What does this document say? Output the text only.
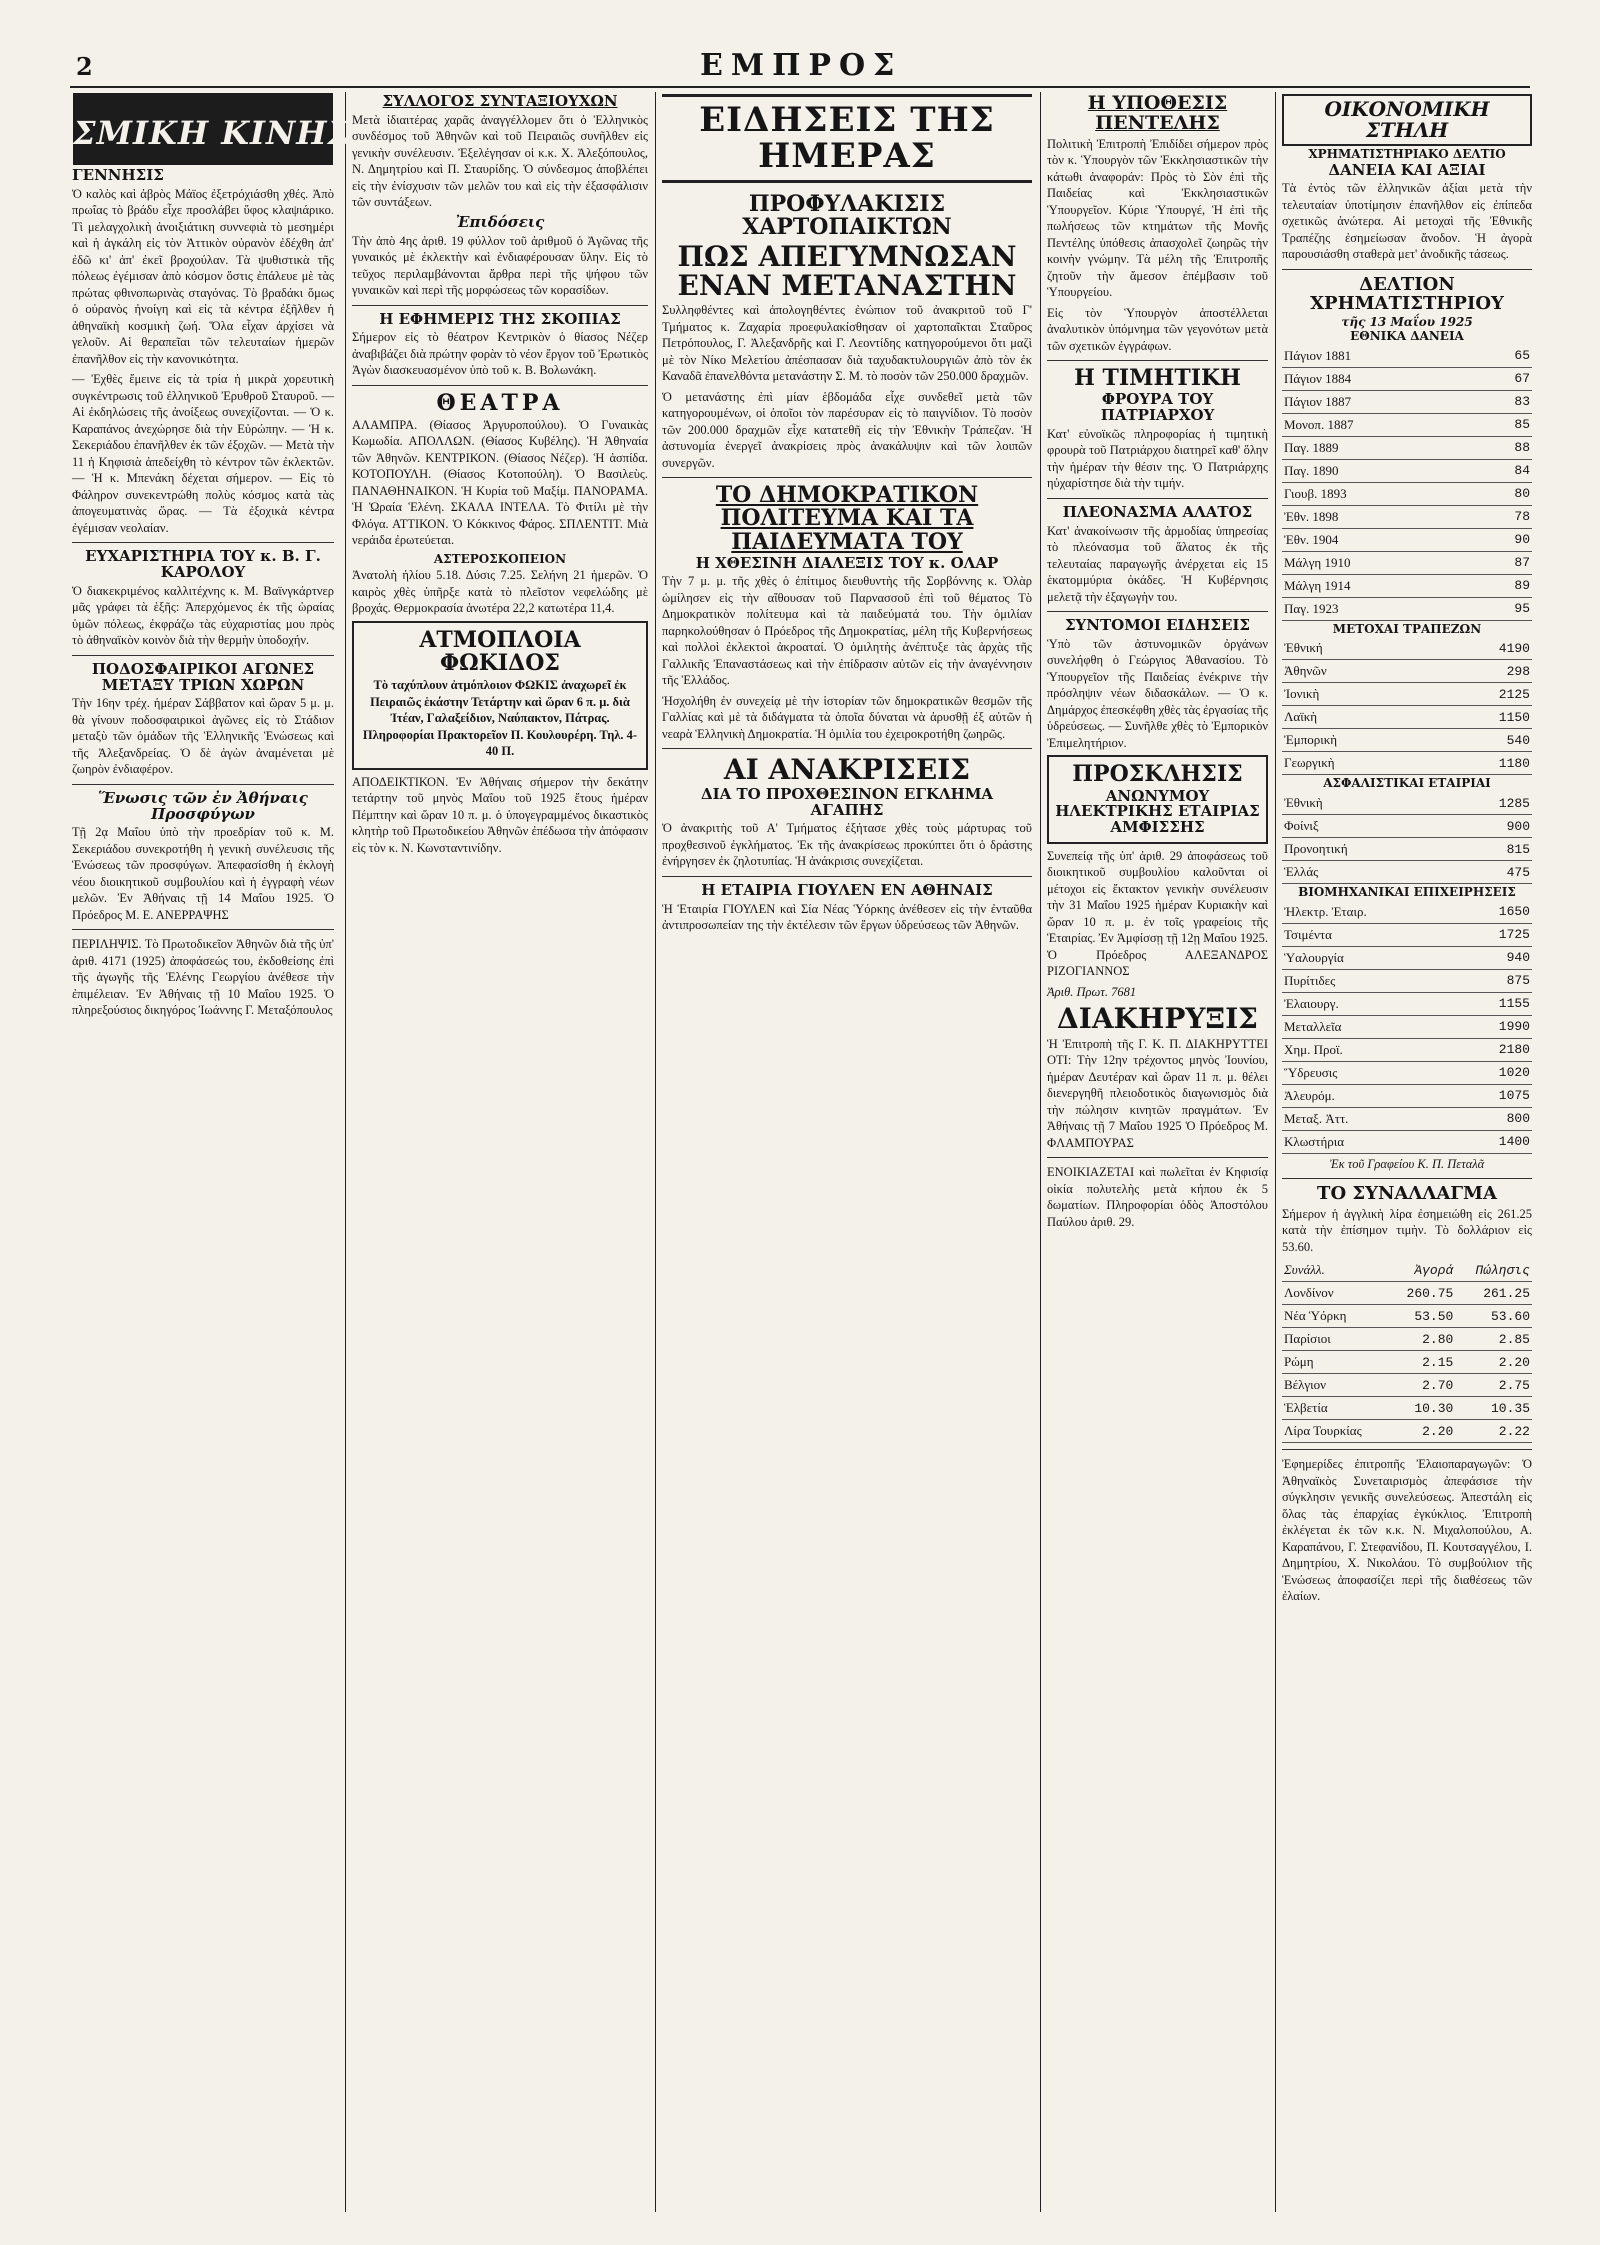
2	ΕΜΠΡΟΣ
ΚΟΣΜΙΚΗ ΚΙΝΗΣΙΣ
ΓΕΝΝΗΣΙΣ

Ὁ καλὸς καὶ ἀβρὸς Μάϊος ἐξετρόχιάσθη χθές. Ἀπὸ πρωΐας τὸ βράδυ εἶχε προσλάβει ὕφος κλαψιάρικο. Τὶ μελαγχολικὴ ἀνοιξιάτικη συννεφιὰ τὸ μεσημέρι καὶ ἡ ἀγκάλη εἰς τὸν Ἀττικὸν οὐρανὸν ἐδέχθη ἀπ' ἐδῶ κι' ἀπ' ἐκεῖ βροχούλαν. Τὰ ψυθιστικὰ τῆς πόλεως ἐγέμισαν ἀπὸ κόσμον ὅστις ἐπάλευε μὲ τὰς πρώτας φθινοπωρινὰς σταγόνας. Τὸ βραδάκι ὅμως ὁ οὐρανὸς ἠνοίγη καὶ εἰς τὰ κέντρα ἐξῆλθεν ἡ ἀθηναϊκὴ κοσμικὴ ζωή. Ὅλα εἶχαν ἀρχίσει νὰ γελοῦν. Αἱ θεραπεῖαι τῶν τελευταίων ἡμερῶν ἐπανῆλθον εἰς τὴν κανονικότητα.

— Ἐχθὲς ἔμεινε εἰς τὰ τρία ἡ μικρὰ χορευτικὴ συγκέντρωσις τοῦ ἐλληνικοῦ Ἐρυθροῦ Σταυροῦ. — Αἱ ἐκδηλώσεις τῆς ἀνοίξεως συνεχίζονται. — Ὁ κ. Καραπάνος ἀνεχώρησε διὰ τὴν Εὐρώπην. — Ἡ κ. Σεκεριάδου ἐπανῆλθεν ἐκ τῶν ἐξοχῶν. — Μετὰ τὴν 11 ἡ Κηφισιὰ ἀπεδείχθη τὸ κέντρον τῶν ἐκλεκτῶν. — Ἡ κ. Μπενάκη δέχεται σήμερον. — Εἰς τὸ Φάληρον συνεκεντρώθη πολὺς κόσμος κατὰ τὰς ἀπογευματινὰς ὥρας. — Τὰ ἐξοχικὰ κέντρα ἐγέμισαν νεολαίαν.

ΕΥΧΑΡΙΣΤΗΡΙΑ ΤΟΥ κ. Β. Γ. ΚΑΡΟΛΟΥ

Ὁ διακεκριμένος καλλιτέχνης κ. Μ. Βαϊνγκάρτνερ μᾶς γράφει τὰ ἑξῆς: Ἀπερχόμενος ἐκ τῆς ὡραίας ὑμῶν πόλεως, ἐκφράζω τὰς εὐχαριστίας μου πρὸς τὸ ἀθηναϊκὸν κοινὸν διὰ τὴν θερμὴν ὑποδοχήν.

ΠΟΔΟΣΦΑΙΡΙΚΟΙ ΑΓΩΝΕΣ ΜΕΤΑΞΥ ΤΡΙΩΝ ΧΩΡΩΝ

Τὴν 16ην τρέχ. ἡμέραν Σάββατον καὶ ὥραν 5 μ. μ. θὰ γίνουν ποδοσφαιρικοὶ ἀγῶνες εἰς τὸ Στάδιον μεταξὺ τῶν ὁμάδων τῆς Ἑλληνικῆς Ἑνώσεως καὶ τῆς Ἀλεξανδρείας. Ὁ δὲ ἀγὼν ἀναμένεται μὲ ζωηρὸν ἐνδιαφέρον.

Ἕνωσις τῶν ἐν Ἀθήναις Προσφύγων

Τῇ 2ᾳ Μαΐου ὑπὸ τὴν προεδρίαν τοῦ κ. Μ. Σεκεριάδου συνεκροτήθη ἡ γενικὴ συνέλευσις τῆς Ἑνώσεως τῶν προσφύγων. Ἀπεφασίσθη ἡ ἐκλογὴ νέου διοικητικοῦ συμβουλίου καὶ ἡ ἐγγραφὴ νέων μελῶν. Ἐν Ἀθήναις τῇ 14 Μαΐου 1925. Ὁ Πρόεδρος Μ. Ε. ΑΝΕΡΡΑΨΗΣ

ΠΕΡΙΛΗΨΙΣ. Τὸ Πρωτοδικεῖον Ἀθηνῶν διὰ τῆς ὑπ' ἀριθ. 4171 (1925) ἀποφάσεώς του, ἐκδοθείσης ἐπὶ τῆς ἀγωγῆς τῆς Ἑλένης Γεωργίου ἀνέθεσε τὴν ἐπιμέλειαν. Ἐν Ἀθήναις τῇ 10 Μαΐου 1925. Ὁ πληρεξούσιος δικηγόρος Ἰωάννης Γ. Μεταξόπουλος

ΣΥΛΛΟΓΟΣ ΣΥΝΤΑΞΙΟΥΧΩΝ

Μετὰ ἰδιαιτέρας χαρᾶς ἀναγγέλλομεν ὅτι ὁ Ἑλληνικὸς συνδέσμος τοῦ Ἀθηνῶν καὶ τοῦ Πειραιῶς συνῆλθεν εἰς γενικὴν συνέλευσιν. Ἐξελέγησαν οἱ κ.κ. Χ. Ἀλεξόπουλος, Ν. Δημητρίου καὶ Π. Σταυρίδης. Ὁ σύνδεσμος ἀποβλέπει εἰς τὴν ἐνίσχυσιν τῶν μελῶν του καὶ εἰς τὴν ἐξασφάλισιν τῶν συντάξεων.

Ἐπιδόσεις

Τὴν ἀπὸ 4ης ἀριθ. 19 φύλλον τοῦ ἀριθμοῦ ὁ Ἀγῶνας τῆς γυναικός μὲ ἐκλεκτὴν καὶ ἐνδιαφέρουσαν ὕλην. Εἰς τὸ τεῦχος περιλαμβάνονται ἄρθρα περὶ τῆς ψήφου τῶν γυναικῶν καὶ περὶ τῆς μορφώσεως τῶν κορασίδων.

Η ΕΦΗΜΕΡΙΣ ΤΗΣ ΣΚΟΠΙΑΣ

Σήμερον εἰς τὸ θέατρον Κεντρικὸν ὁ θίασος Νέζερ ἀναβιβάζει διὰ πρώτην φορὰν τὸ νέον ἔργον τοῦ Ἐρωτικὸς Ἀγὼν διασκευασμένον ὑπὸ τοῦ κ. Β. Βολωνάκη.

ΘΕΑΤΡΑ

ΑΛΑΜΠΡΑ. (Θίασος Ἀργυροπούλου). Ὁ Γυναικὰς Κωμωδία. ΑΠΟΛΛΩΝ. (Θίασος Κυβέλης). Ἡ Ἀθηναία τῶν Ἀθηνῶν. ΚΕΝΤΡΙΚΟΝ. (Θίασος Νέζερ). Ἡ ἀσπίδα. ΚΟΤΟΠΟΥΛΗ. (Θίασος Κοτοπούλη). Ὁ Βασιλεὺς. ΠΑΝΑΘΗΝΑΙΚΟΝ. Ἡ Κυρία τοῦ Μαξίμ. ΠΑΝΟΡΑΜΑ. Ἡ Ὡραία Ἑλένη. ΣΚΑΛΑ ΙΝΤΕΛΑ. Τὸ Φιτίλι μὲ τὴν Φλόγα. ΑΤΤΙΚΟΝ. Ὁ Κόκκινος Φάρος. ΣΠΛΕΝΤΙΤ. Μιὰ νεράιδα ἐρωτεύεται.

ΑΣΤΕΡΟΣΚΟΠΕΙΟΝ

Ἀνατολὴ ἡλίου 5.18. Δύσις 7.25. Σελήνη 21 ἡμερῶν. Ὁ καιρὸς χθὲς ὑπῆρξε κατὰ τὸ πλεῖστον νεφελώδης μὲ βροχάς. Θερμοκρασία ἀνωτέρα 22,2 κατωτέρα 11,4.

ΑΤΜΟΠΛΟΙΑ ΦΩΚΙΔΟΣ

Τὸ ταχύπλουν ἀτμόπλοιον ΦΩΚΙΣ ἀναχωρεῖ ἐκ Πειραιῶς ἑκάστην Τετάρτην καὶ ὥραν 6 π. μ. διὰ Ἰτέαν, Γαλαξείδιον, Ναύπακτον, Πάτρας. Πληροφορίαι Πρακτορεῖον Π. Κουλουρέρη. Τηλ. 4-40 Π.

ΑΠΟΔΕΙΚΤΙΚΟΝ. Ἐν Ἀθήναις σήμερον τὴν δεκάτην τετάρτην τοῦ μηνὸς Μαΐου τοῦ 1925 ἔτους ἡμέραν Πέμπτην καὶ ὥραν 10 π. μ. ὁ ὑπογεγραμμένος δικαστικὸς κλητὴρ τοῦ Πρωτοδικείου Ἀθηνῶν ἐπέδωσα τὴν ἀπόφασιν εἰς τὸν κ. Ν. Κωνσταντινίδην.

ΕΙΔΗΣΕΙΣ ΤΗΣ ΗΜΕΡΑΣ
ΠΡΟΦΥΛΑΚΙΣΙΣ ΧΑΡΤΟΠΑΙΚΤΩΝ
ΠΩΣ ΑΠΕΓΥΜΝΩΣΑΝ ΕΝΑΝ ΜΕΤΑΝΑΣΤΗΝ

Συλληφθέντες καὶ ἀπολογηθέντες ἐνώπιον τοῦ ἀνακριτοῦ τοῦ Γ' Τμήματος κ. Ζαχαρία προεφυλακίσθησαν οἱ χαρτοπαῖκται Σταῦρος Πετρόπουλος, Γ. Ἀλεξανδρῆς καὶ Γ. Λεοντίδης κατηγορούμενοι ὅτι μαζὶ μὲ τὸν Νίκο Μελετίου ἀπέσπασαν διὰ ταχυδακτυλουργιῶν ἀπὸ τὸν ἐκ Καναδᾶ ἐπανελθόντα μετανάστην Σ. Μ. τὸ ποσὸν τῶν 250.000 δραχμῶν.

Ὁ μετανάστης ἐπὶ μίαν ἑβδομάδα εἶχε συνδεθεῖ μετὰ τῶν κατηγορουμένων, οἱ ὁποῖοι τὸν παρέσυραν εἰς τὸ παιγνίδιον. Τὸ ποσὸν τῶν 200.000 δραχμῶν εἶχε κατατεθῆ εἰς τὴν Ἐθνικὴν Τράπεζαν. Ἡ ἀστυνομία ἐνεργεῖ ἀνακρίσεις πρὸς ἀνακάλυψιν καὶ τῶν λοιπῶν συνεργῶν.

ΤΟ ΔΗΜΟΚΡΑΤΙΚΟΝ ΠΟΛΙΤΕΥΜΑ ΚΑΙ ΤΑ ΠΑΙΔΕΥΜΑΤΑ ΤΟΥ
Η ΧΘΕΣΙΝΗ ΔΙΑΛΕΞΙΣ ΤΟΥ κ. ΟΛΑΡ

Τὴν 7 μ. μ. τῆς χθὲς ὁ ἐπίτιμος διευθυντὴς τῆς Σορβόννης κ. Ὀλὰρ ὡμίλησεν εἰς τὴν αἴθουσαν τοῦ Παρνασσοῦ ἐπὶ τοῦ θέματος Τὸ Δημοκρατικὸν πολίτευμα καὶ τὰ παιδεύματά του. Τὴν ὁμιλίαν παρηκολούθησαν ὁ Πρόεδρος τῆς Δημοκρατίας, μέλη τῆς Κυβερνήσεως καὶ πολλοὶ ἐκλεκτοὶ ἀκροαταί. Ὁ ὁμιλητὴς ἀνέπτυξε τὰς ἀρχὰς τῆς Γαλλικῆς Ἐπαναστάσεως καὶ τὴν ἐπίδρασιν αὐτῶν εἰς τὴν ἀναγέννησιν τῆς Ἑλλάδος.

Ἠσχολήθη ἐν συνεχείᾳ μὲ τὴν ἱστορίαν τῶν δημοκρατικῶν θεσμῶν τῆς Γαλλίας καὶ μὲ τὰ διδάγματα τὰ ὁποῖα δύναται νὰ ἀρυσθῇ ἐξ αὐτῶν ἡ νεαρὰ Ἑλληνικὴ Δημοκρατία. Ἡ ὁμιλία του ἐχειροκροτήθη ζωηρῶς.

ΑΙ ΑΝΑΚΡΙΣΕΙΣ
ΔΙΑ ΤΟ ΠΡΟΧΘΕΣΙΝΟΝ ΕΓΚΛΗΜΑ ΑΓΑΠΗΣ

Ὁ ἀνακριτὴς τοῦ Α' Τμήματος ἐξήτασε χθὲς τοὺς μάρτυρας τοῦ προχθεσινοῦ ἐγκλήματος. Ἐκ τῆς ἀνακρίσεως προκύπτει ὅτι ὁ δράστης ἐνήργησεν ἐκ ζηλοτυπίας. Ἡ ἀνάκρισις συνεχίζεται.

Η ΕΤΑΙΡΙΑ ΓΙΟΥΛΕΝ ΕΝ ΑΘΗΝΑΙΣ

Ἡ Ἑταιρία ΓΙΟΥΛΕΝ καὶ Σία Νέας Ὑόρκης ἀνέθεσεν εἰς τὴν ἐνταῦθα ἀντιπροσωπείαν της τὴν ἐκτέλεσιν τῶν ἔργων ὑδρεύσεως τῶν Ἀθηνῶν.

Η ΥΠΟΘΕΣΙΣ ΠΕΝΤΕΛΗΣ

Πολιτικὴ Ἐπιτροπὴ Ἐπιδίδει σήμερον πρὸς τὸν κ. Ὑπουργὸν τῶν Ἐκκλησιαστικῶν τὴν κάτωθι ἀναφοράν: Πρὸς τὸ Σὸν ἐπὶ τῆς Παιδείας καὶ Ἐκκλησιαστικῶν Ὑπουργεῖον. Κύριε Ὑπουργέ, Ἡ ἐπὶ τῆς πωλήσεως τῶν κτημάτων τῆς Μονῆς Πεντέλης ὑπόθεσις ἀπασχολεῖ ζωηρῶς τὴν κοινὴν γνώμην. Τὰ μέλη τῆς Ἐπιτροπῆς ζητοῦν τὴν ἄμεσον ἐπέμβασιν τοῦ Ὑπουργείου.

Εἰς τὸν Ὑπουργὸν ἀποστέλλεται ἀναλυτικὸν ὑπόμνημα τῶν γεγονότων μετὰ τῶν σχετικῶν ἐγγράφων.

Η ΤΙΜΗΤΙΚΗ
ΦΡΟΥΡΑ ΤΟΥ ΠΑΤΡΙΑΡΧΟΥ

Κατ' εὐνοϊκῶς πληροφορίας ἡ τιμητικὴ φρουρὰ τοῦ Πατριάρχου διατηρεῖ καθ' ὅλην τὴν ἡμέραν τὴν θέσιν της. Ὁ Πατριάρχης ηὐχαρίστησε διὰ τὴν τιμήν.

ΠΛΕΟΝΑΣΜΑ ΑΛΑΤΟΣ

Κατ' ἀνακοίνωσιν τῆς ἀρμοδίας ὑπηρεσίας τὸ πλεόνασμα τοῦ ἅλατος ἐκ τῆς τελευταίας παραγωγῆς ἀνέρχεται εἰς 15 ἑκατομμύρια ὀκάδες. Ἡ Κυβέρνησις μελετᾷ τὴν ἐξαγωγὴν του.

ΣΥΝΤΟΜΟΙ ΕΙΔΗΣΕΙΣ

Ὑπὸ τῶν ἀστυνομικῶν ὀργάνων συνελήφθη ὁ Γεώργιος Ἀθανασίου. Τὸ Ὑπουργεῖον τῆς Παιδείας ἐνέκρινε τὴν πρόσληψιν νέων διδασκάλων. — Ὁ κ. Δημάρχος ἐπεσκέφθη χθὲς τὰς ἐργασίας τῆς ὑδρεύσεως. — Συνῆλθε χθὲς τὸ Ἐμπορικὸν Ἐπιμελητήριον.

ΠΡΟΣΚΛΗΣΙΣ
ΑΝΩΝΥΜΟΥ ΗΛΕΚΤΡΙΚΗΣ ΕΤΑΙΡΙΑΣ ΑΜΦΙΣΣΗΣ

Συνεπείᾳ τῆς ὑπ' ἀριθ. 29 ἀποφάσεως τοῦ διοικητικοῦ συμβουλίου καλοῦνται οἱ μέτοχοι εἰς ἔκτακτον γενικὴν συνέλευσιν τὴν 31 Μαΐου 1925 ἡμέραν Κυριακὴν καὶ ὥραν 10 π. μ. ἐν τοῖς γραφείοις τῆς Ἑταιρίας. Ἐν Ἀμφίσσῃ τῇ 12ῃ Μαΐου 1925. Ὁ Πρόεδρος ΑΛΕΞΑΝΔΡΟΣ ΡΙΖΟΓΙΑΝΝΟΣ

Ἀριθ. Πρωτ. 7681
ΔΙΑΚΗΡΥΞΙΣ

Ἡ Ἐπιτροπὴ τῆς Γ. Κ. Π. ΔΙΑΚΗΡΥΤΤΕΙ ΟΤΙ: Τὴν 12ην τρέχοντος μηνὸς Ἰουνίου, ἡμέραν Δευτέραν καὶ ὥραν 11 π. μ. θέλει διενεργηθῆ πλειοδοτικὸς διαγωνισμὸς διὰ τὴν πώλησιν κινητῶν πραγμάτων. Ἐν Ἀθήναις τῇ 7 Μαΐου 1925 Ὁ Πρόεδρος Μ. ΦΛΑΜΠΟΥΡΑΣ

ΕΝΟΙΚΙΑΖΕΤΑΙ καὶ πωλεῖται ἐν Κηφισίᾳ οἰκία πολυτελὴς μετὰ κήπου ἐκ 5 δωματίων. Πληροφορίαι ὁδὸς Ἀποστόλου Παύλου ἀριθ. 29.

ΟΙΚΟΝΟΜΙΚΗ ΣΤΗΛΗ
ΧΡΗΜΑΤΙΣΤΗΡΙΑΚΟ ΔΕΛΤΙΟ
ΔΑΝΕΙΑ ΚΑΙ ΑΞΙΑΙ

Τὰ ἐντὸς τῶν ἑλληνικῶν ἀξίαι μετὰ τὴν τελευταίαν ὑποτίμησιν ἐπανῆλθον εἰς ἐπίπεδα σχετικῶς ἀνώτερα. Αἱ μετοχαὶ τῆς Ἐθνικῆς Τραπέζης ἐσημείωσαν ἄνοδον. Ἡ ἀγορὰ παρουσιάσθη σταθερὰ μετ' ἀνοδικῆς τάσεως.

ΔΕΛΤΙΟΝ ΧΡΗΜΑΤΙΣΤΗΡΙΟΥ
τῆς 13 Μαΐου 1925
ΕΘΝΙΚΑ ΔΑΝΕΙΑ
Πάγιον 1881	65
Πάγιον 1884	67
Πάγιον 1887	83
Μονοπ. 1887	85
Παγ. 1889	88
Παγ. 1890	84
Γιουβ. 1893	80
Ἐθν. 1898	78
Ἐθν. 1904	90
Μάλγη 1910	87
Μάλγη 1914	89
Παγ. 1923	95
ΜΕΤΟΧΑΙ ΤΡΑΠΕΖΩΝ
Ἐθνική	4190
Ἀθηνῶν	298
Ἰονικὴ	2125
Λαϊκὴ	1150
Ἐμπορικὴ	540
Γεωργικὴ	1180
ΑΣΦΑΛΙΣΤΙΚΑΙ ΕΤΑΙΡΙΑΙ
Ἐθνικὴ	1285
Φοίνιξ	900
Προνοητική	815
Ἑλλάς	475
ΒΙΟΜΗΧΑΝΙΚΑΙ ΕΠΙΧΕΙΡΗΣΕΙΣ
Ἠλεκτρ. Ἐταιρ.	1650
Τσιμέντα	1725
Ὑαλουργία	940
Πυρίτιδες	875
Ἐλαιουργ.	1155
Μεταλλεῖα	1990
Χημ. Προϊ.	2180
Ὕδρευσις	1020
Ἀλευρόμ.	1075
Μεταξ. Ἀττ.	800
Κλωστήρια	1400
Ἐκ τοῦ Γραφείου Κ. Π. Πεταλᾶ
ΤΟ ΣΥΝΑΛΛΑΓΜΑ

Σήμερον ἡ ἀγγλικὴ λίρα ἐσημειώθη εἰς 261.25 κατὰ τὴν ἐπίσημον τιμὴν. Τὸ δολλάριον εἰς 53.60.

Συνάλλ.	Ἀγορά	Πώλησις
Λονδίνον	260.75	261.25
Νέα Ὑόρκη	53.50	53.60
Παρίσιοι	2.80	2.85
Ρώμη	2.15	2.20
Βέλγιον	2.70	2.75
Ἑλβετία	10.30	10.35
Λίρα Τουρκίας	2.20	2.22

Ἐφημερίδες ἐπιτροπῆς Ἐλαιοπαραγωγῶν: Ὁ Ἀθηναϊκὸς Συνεταιρισμὸς ἀπεφάσισε τὴν σύγκλησιν γενικῆς συνελεύσεως. Ἀπεστάλη εἰς ὅλας τὰς ἐπαρχίας ἐγκύκλιος. Ἐπιτροπὴ ἐκλέγεται ἐκ τῶν κ.κ. Ν. Μιχαλοπούλου, Α. Καραπάνου, Γ. Στεφανίδου, Π. Κουτσαγγέλου, Ι. Δημητρίου, Χ. Νικολάου. Τὸ συμβούλιον τῆς Ἑνώσεως ἀποφασίζει περὶ τῆς διαθέσεως τῶν ἐλαίων.
